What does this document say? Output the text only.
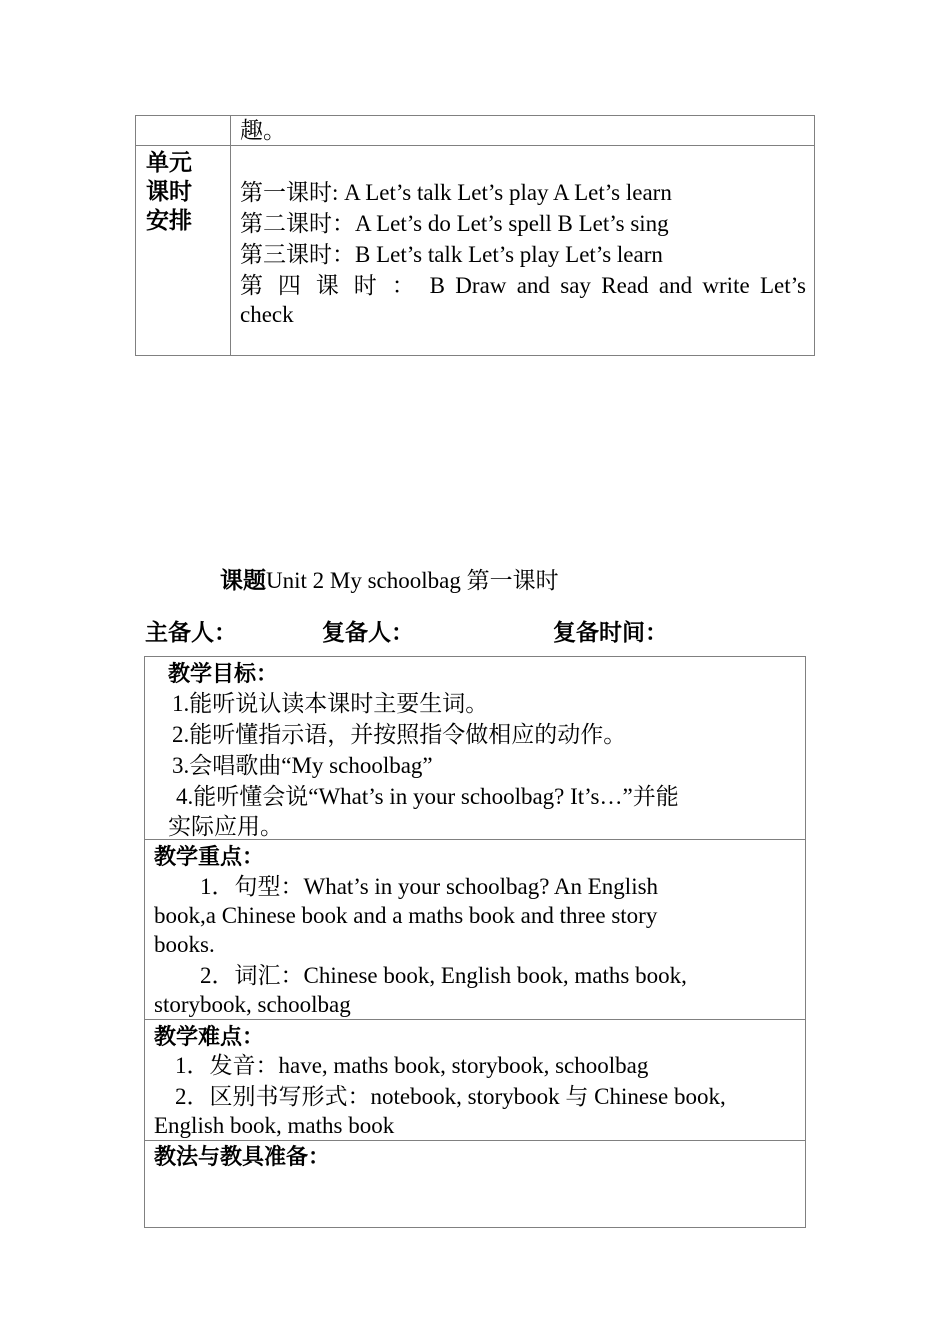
趣。
单元
课时
安排
第一课时: A Let’s talk Let’s play A Let’s learn
第二课时：A Let’s do Let’s spell B Let’s sing
第三课时：B Let’s talk Let’s play Let’s learn
第 四 课 时 ： B Draw and say Read and write Let’s
check
课题Unit 2 My schoolbag 第一课时
主备人：	复备人：	复备时间：
教学目标：
1.能听说认读本课时主要生词。
2.能听懂指示语，并按照指令做相应的动作。
3.会唱歌曲“My schoolbag”
4.能听懂会说“What’s in your schoolbag? It’s…”并能
实际应用。
教学重点：
1．句型：What’s in your schoolbag? An English
book,a Chinese book and a maths book and three story
books.
2．词汇：Chinese book, English book, maths book,
storybook, schoolbag
教学难点：
1．发音：have, maths book, storybook, schoolbag
2．区别书写形式：notebook, storybook 与 Chinese book,
English book, maths book
教法与教具准备：
